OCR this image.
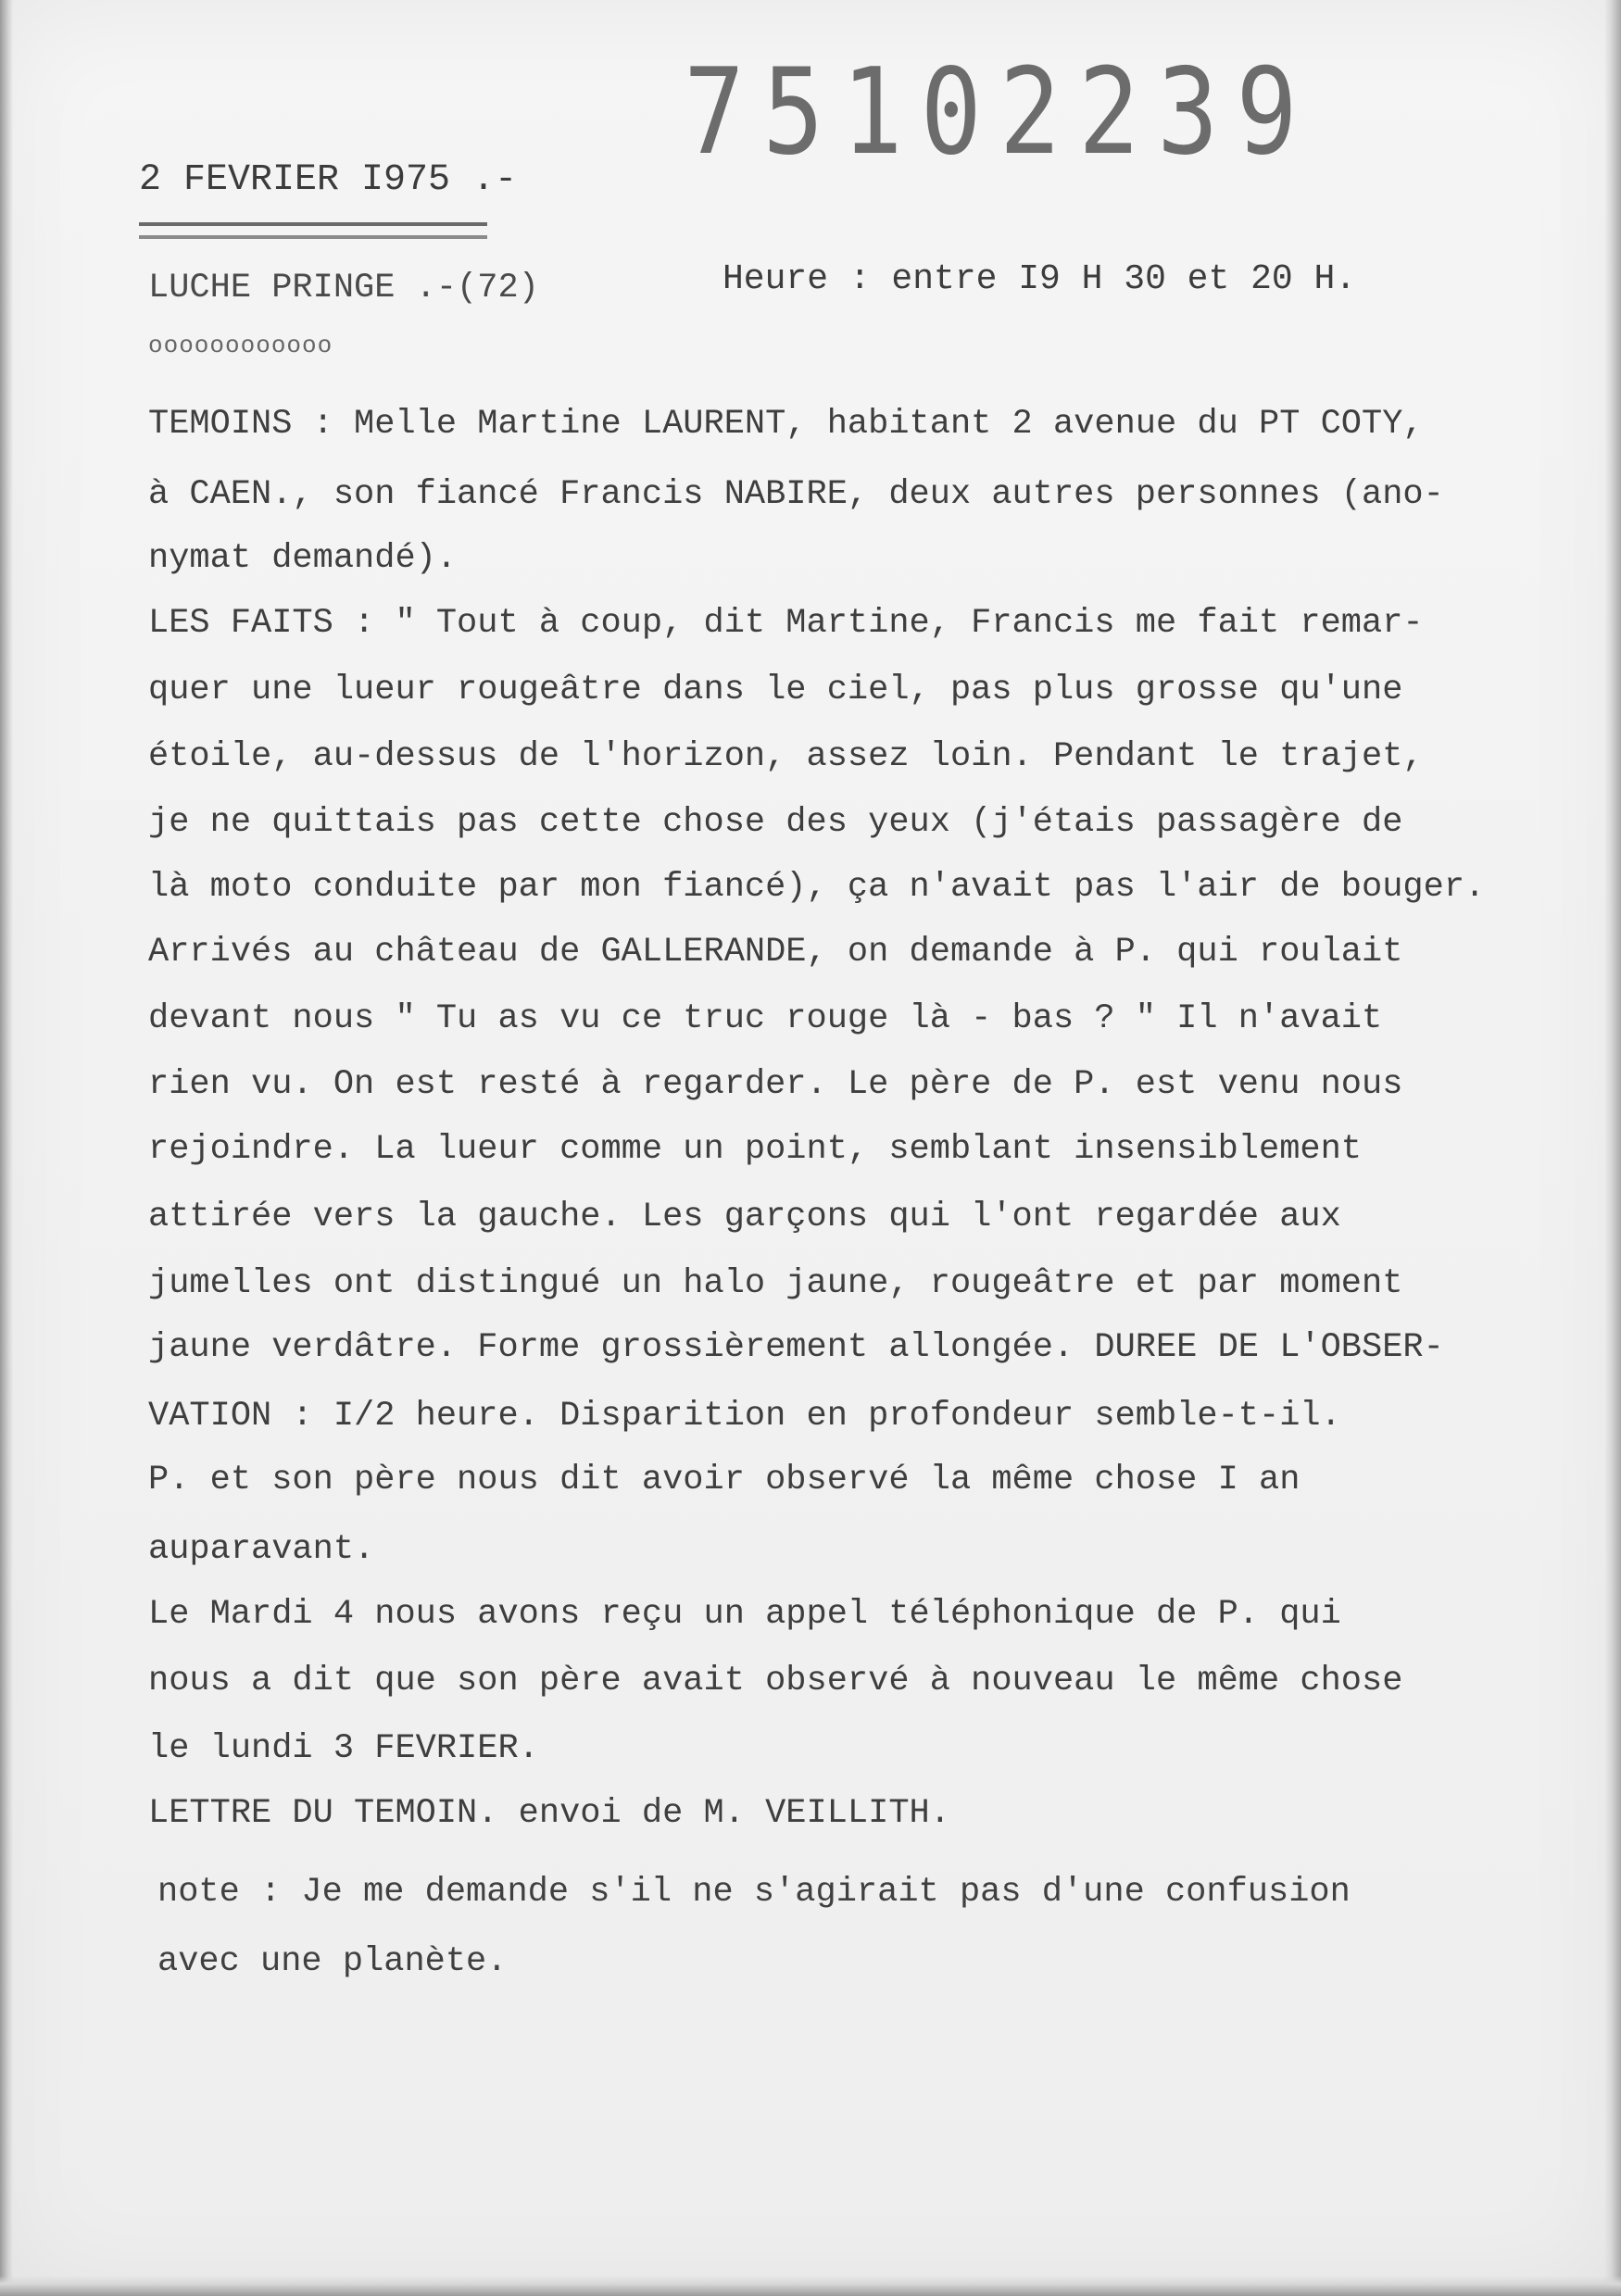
75102239
2 FEVRIER I975 .-
LUCHE PRINGE .-(72)	Heure : entre I9 H 30 et 20 H.
oooooooooooo
TEMOINS : Melle Martine LAURENT, habitant 2 avenue du PT COTY,
à CAEN., son fiancé Francis NABIRE, deux autres personnes (ano-
nymat demandé).
LES FAITS : " Tout à coup, dit Martine, Francis me fait remar-
quer une lueur rougeâtre dans le ciel, pas plus grosse qu'une
étoile, au-dessus de l'horizon, assez loin. Pendant le trajet,
je ne quittais pas cette chose des yeux (j'étais passagère de
là moto conduite par mon fiancé), ça n'avait pas l'air de bouger.
Arrivés au château de GALLERANDE, on demande à P. qui roulait
devant nous " Tu as vu ce truc rouge là - bas ? " Il n'avait
rien vu. On est resté à regarder. Le père de P. est venu nous
rejoindre. La lueur comme un point, semblant insensiblement
attirée vers la gauche. Les garçons qui l'ont regardée aux
jumelles ont distingué un halo jaune, rougeâtre et par moment
jaune verdâtre. Forme grossièrement allongée. DUREE DE L'OBSER-
VATION : I/2 heure. Disparition en profondeur semble-t-il.
P. et son père nous dit avoir observé la même chose I an
auparavant.
Le Mardi 4 nous avons reçu un appel téléphonique de P. qui
nous a dit que son père avait observé à nouveau le même chose
le lundi 3 FEVRIER.
LETTRE DU TEMOIN. envoi de M. VEILLITH.
note : Je me demande s'il ne s'agirait pas d'une confusion
avec une planète.
